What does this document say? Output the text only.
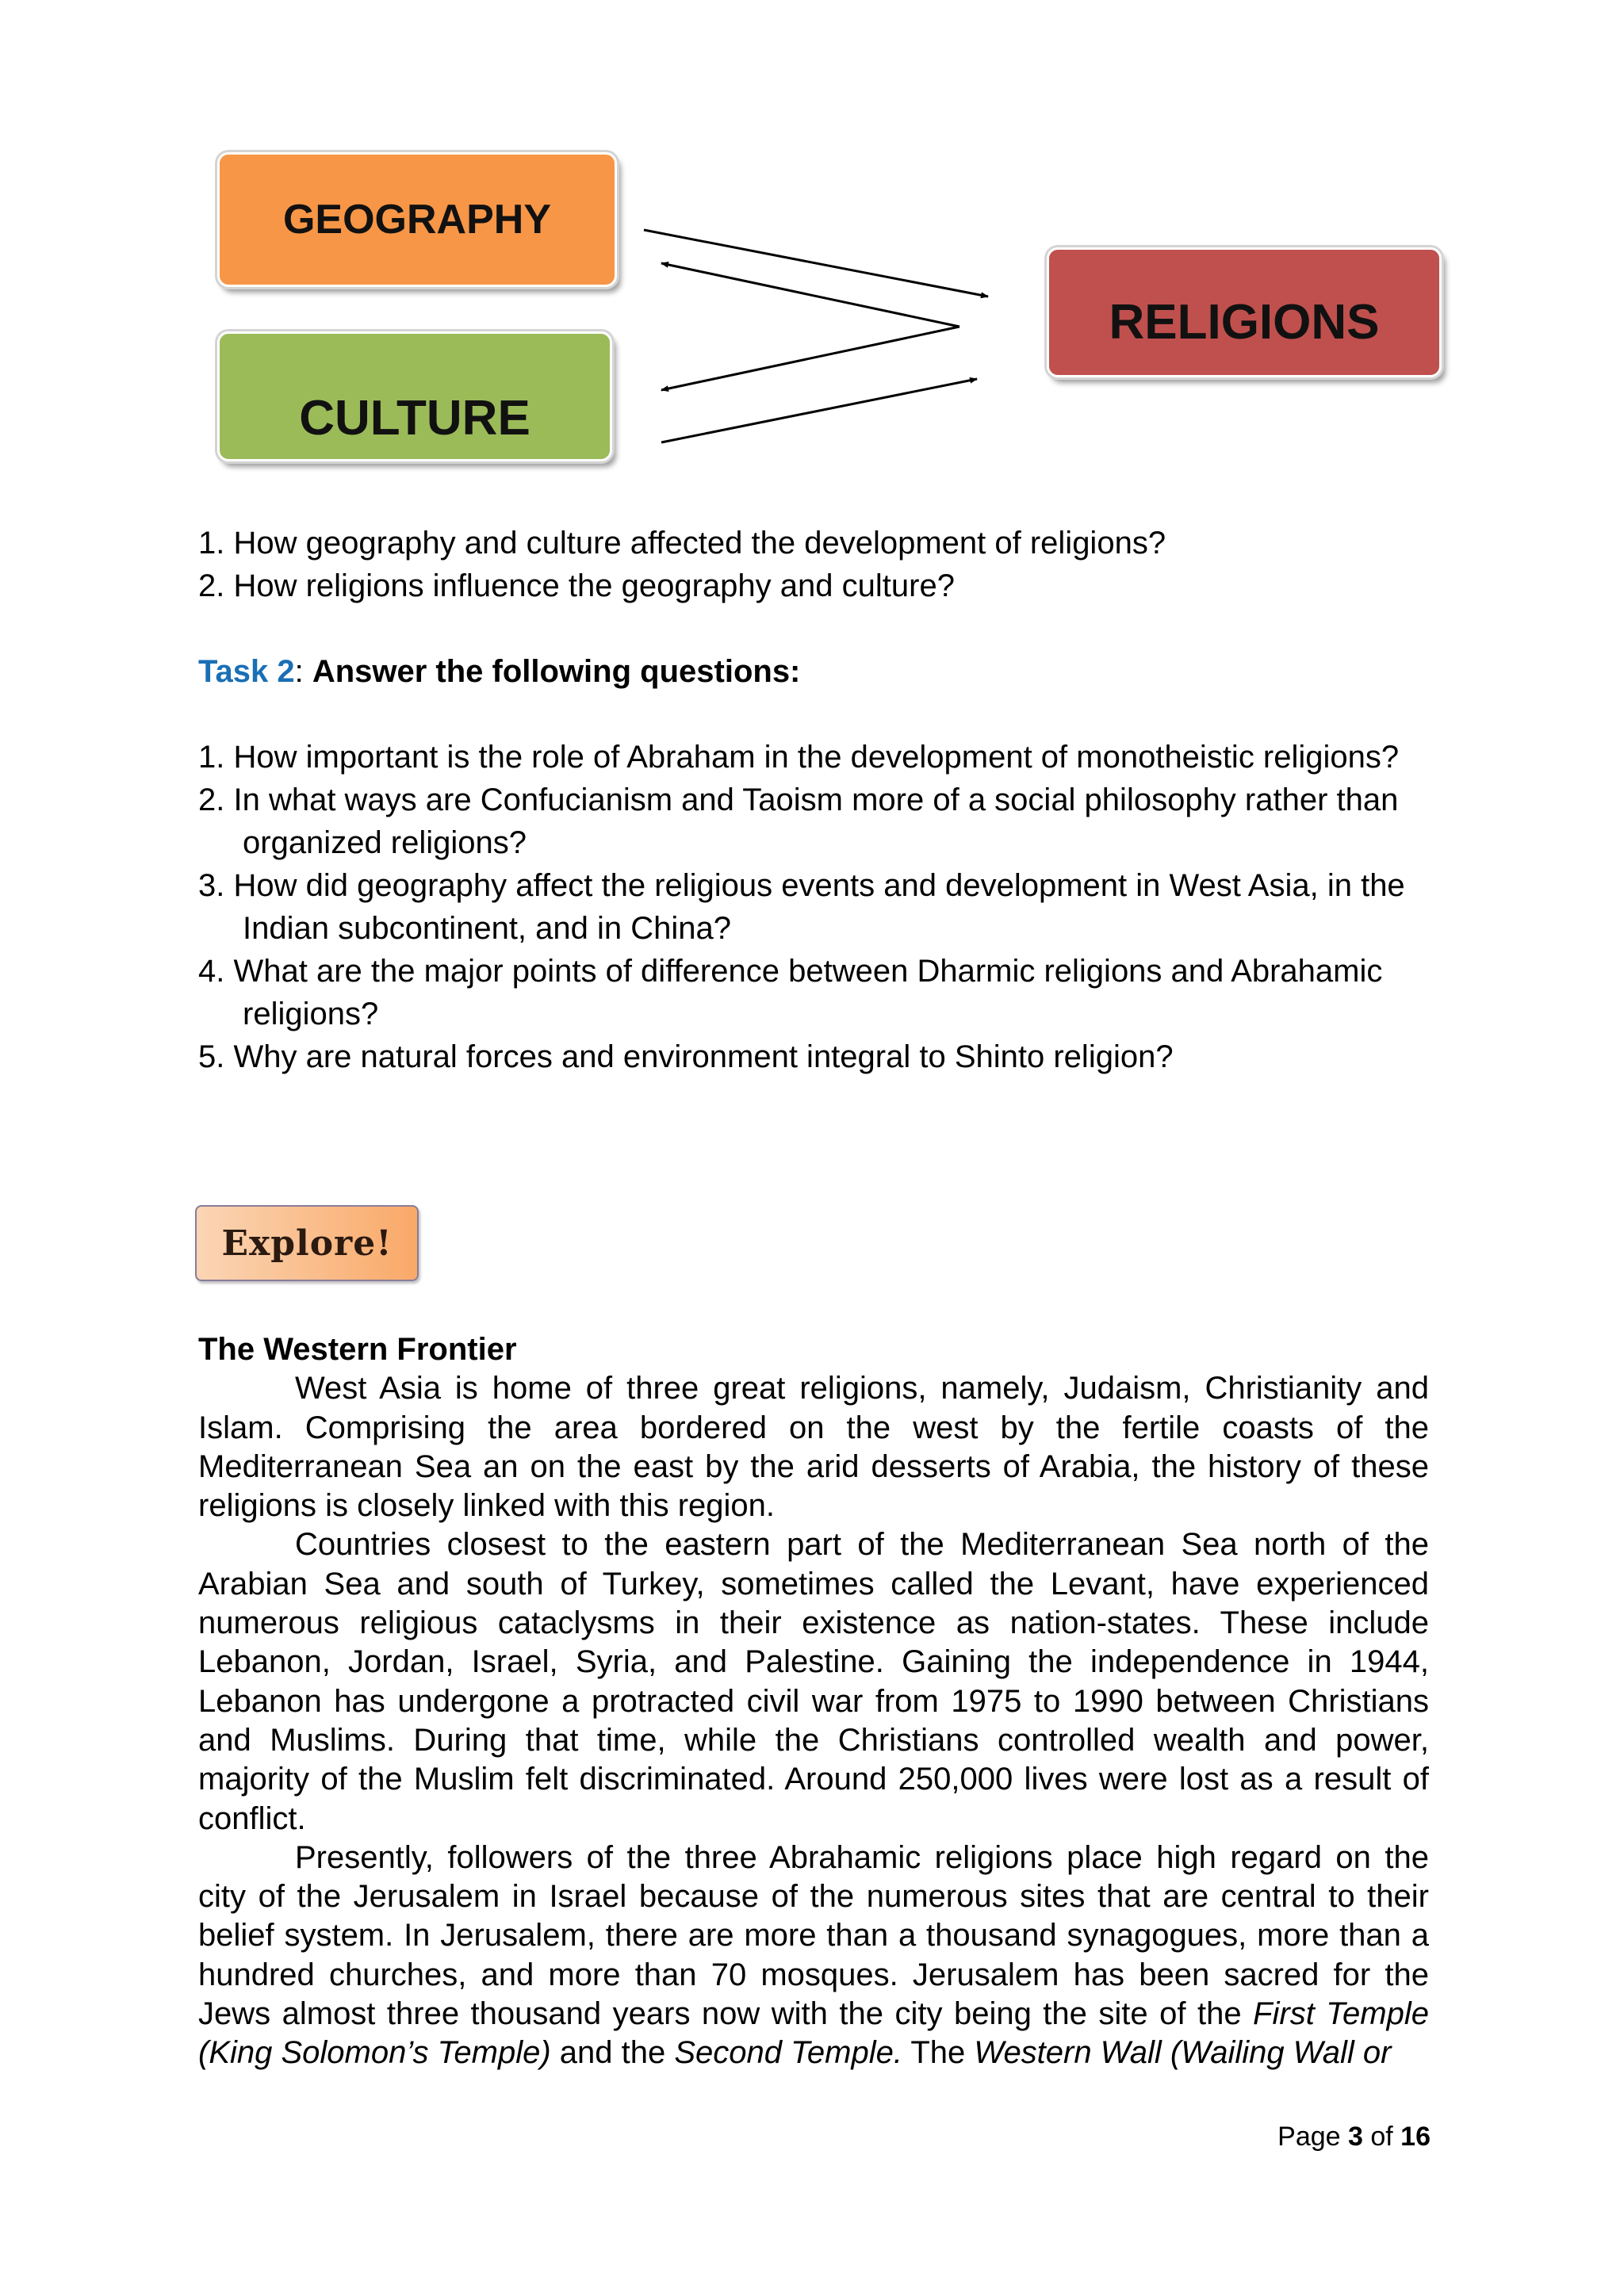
GEOGRAPHY
CULTURE
RELIGIONS

1. How geography and culture affected the development of religions?

2. How religions influence the geography and culture?

Task 2: Answer the following questions:

1. How important is the role of Abraham in the development of monotheistic religions?

2. In what ways are Confucianism and Taoism more of a social philosophy rather than organized religions?

3. How did geography affect the religious events and development in West Asia, in the Indian subcontinent, and in China?

4. What are the major points of difference between Dharmic religions and Abrahamic religions?

5. Why are natural forces and environment integral to Shinto religion?

Explore!

The Western Frontier

West Asia is home of three great religions, namely, Judaism, Christianity and Islam. Comprising the area bordered on the west by the fertile coasts of the Mediterranean Sea an on the east by the arid desserts of Arabia, the history of these religions is closely linked with this region.

Countries closest to the eastern part of the Mediterranean Sea north of the Arabian Sea and south of Turkey, sometimes called the Levant, have experienced numerous religious cataclysms in their existence as nation-states. These include Lebanon, Jordan, Israel, Syria, and Palestine. Gaining the independence in 1944, Lebanon has undergone a protracted civil war from 1975 to 1990 between Christians and Muslims. During that time, while the Christians controlled wealth and power, majority of the Muslim felt discriminated. Around 250,000 lives were lost as a result of conflict.

Presently, followers of the three Abrahamic religions place high regard on the city of the Jerusalem in Israel because of the numerous sites that are central to their belief system. In Jerusalem, there are more than a thousand synagogues, more than a hundred churches, and more than 70 mosques. Jerusalem has been sacred for the Jews almost three thousand years now with the city being the site of the First Temple (King Solomon’s Temple) and the Second Temple. The Western Wall (Wailing Wall or

Page 3 of 16
